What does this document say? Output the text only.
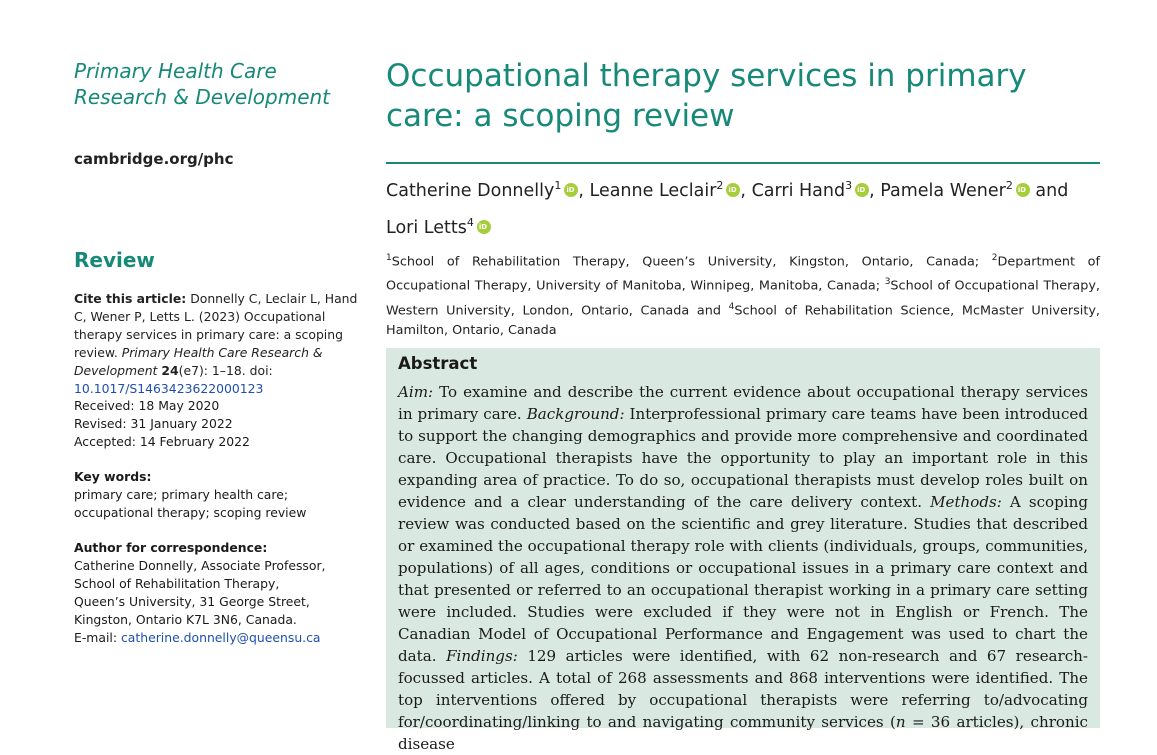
Primary Health Care
Research & Development
cambridge.org/phc
Review
Cite this article: Donnelly C, Leclair L, Hand C, Wener P, Letts L. (2023) Occupational therapy services in primary care: a scoping review. Primary Health Care Research & Development 24(e7): 1–18. doi: 10.1017/S1463423622000123
Received: 18 May 2020
Revised: 31 January 2022
Accepted: 14 February 2022
Key words:
primary care; primary health care; occupational therapy; scoping review
Author for correspondence:
Catherine Donnelly, Associate Professor,
School of Rehabilitation Therapy,
Queen’s University, 31 George Street,
Kingston, Ontario K7L 3N6, Canada.
E-mail: catherine.donnelly@queensu.ca
Occupational therapy services in primary care: a scoping review
Catherine Donnelly$^1$ iD , Leanne Leclair$^2$ iD , Carri Hand$^3$ iD , Pamela Wener$^2$iD and Lori Letts$^4$iD
$^1$School of Rehabilitation Therapy, Queen’s University, Kingston, Ontario, Canada; $^2$Department of Occupational Therapy, University of Manitoba, Winnipeg, Manitoba, Canada; $^3$School of Occupational Therapy, Western University, London, Ontario, Canada and $^4$School of Rehabilitation Science, McMaster University, Hamilton, Ontario, Canada
Abstract
Aim: To examine and describe the current evidence about occupational therapy services in primary care. Background: Interprofessional primary care teams have been introduced to support the changing demographics and provide more comprehensive and coordinated care. Occupational therapists have the opportunity to play an important role in this expanding area of practice. To do so, occupational therapists must develop roles built on evidence and a clear understanding of the care delivery context. Methods: A scoping review was conducted based on the scientific and grey literature. Studies that described or examined the occupational therapy role with clients (individuals, groups, communities, populations) of all ages, conditions or occupational issues in a primary care context and that presented or referred to an occupational therapist working in a primary care setting were included. Studies were excluded if they were not in English or French. The Canadian Model of Occupational Performance and Engagement was used to chart the data. Findings: 129 articles were identified, with 62 non-research and 67 research-focussed articles. A total of 268 assessments and 868 interventions were identified. The top interventions offered by occupational therapists were referring to/advocating for/coordinating/linking to and navigating community services (n = 36 articles), chronic disease
